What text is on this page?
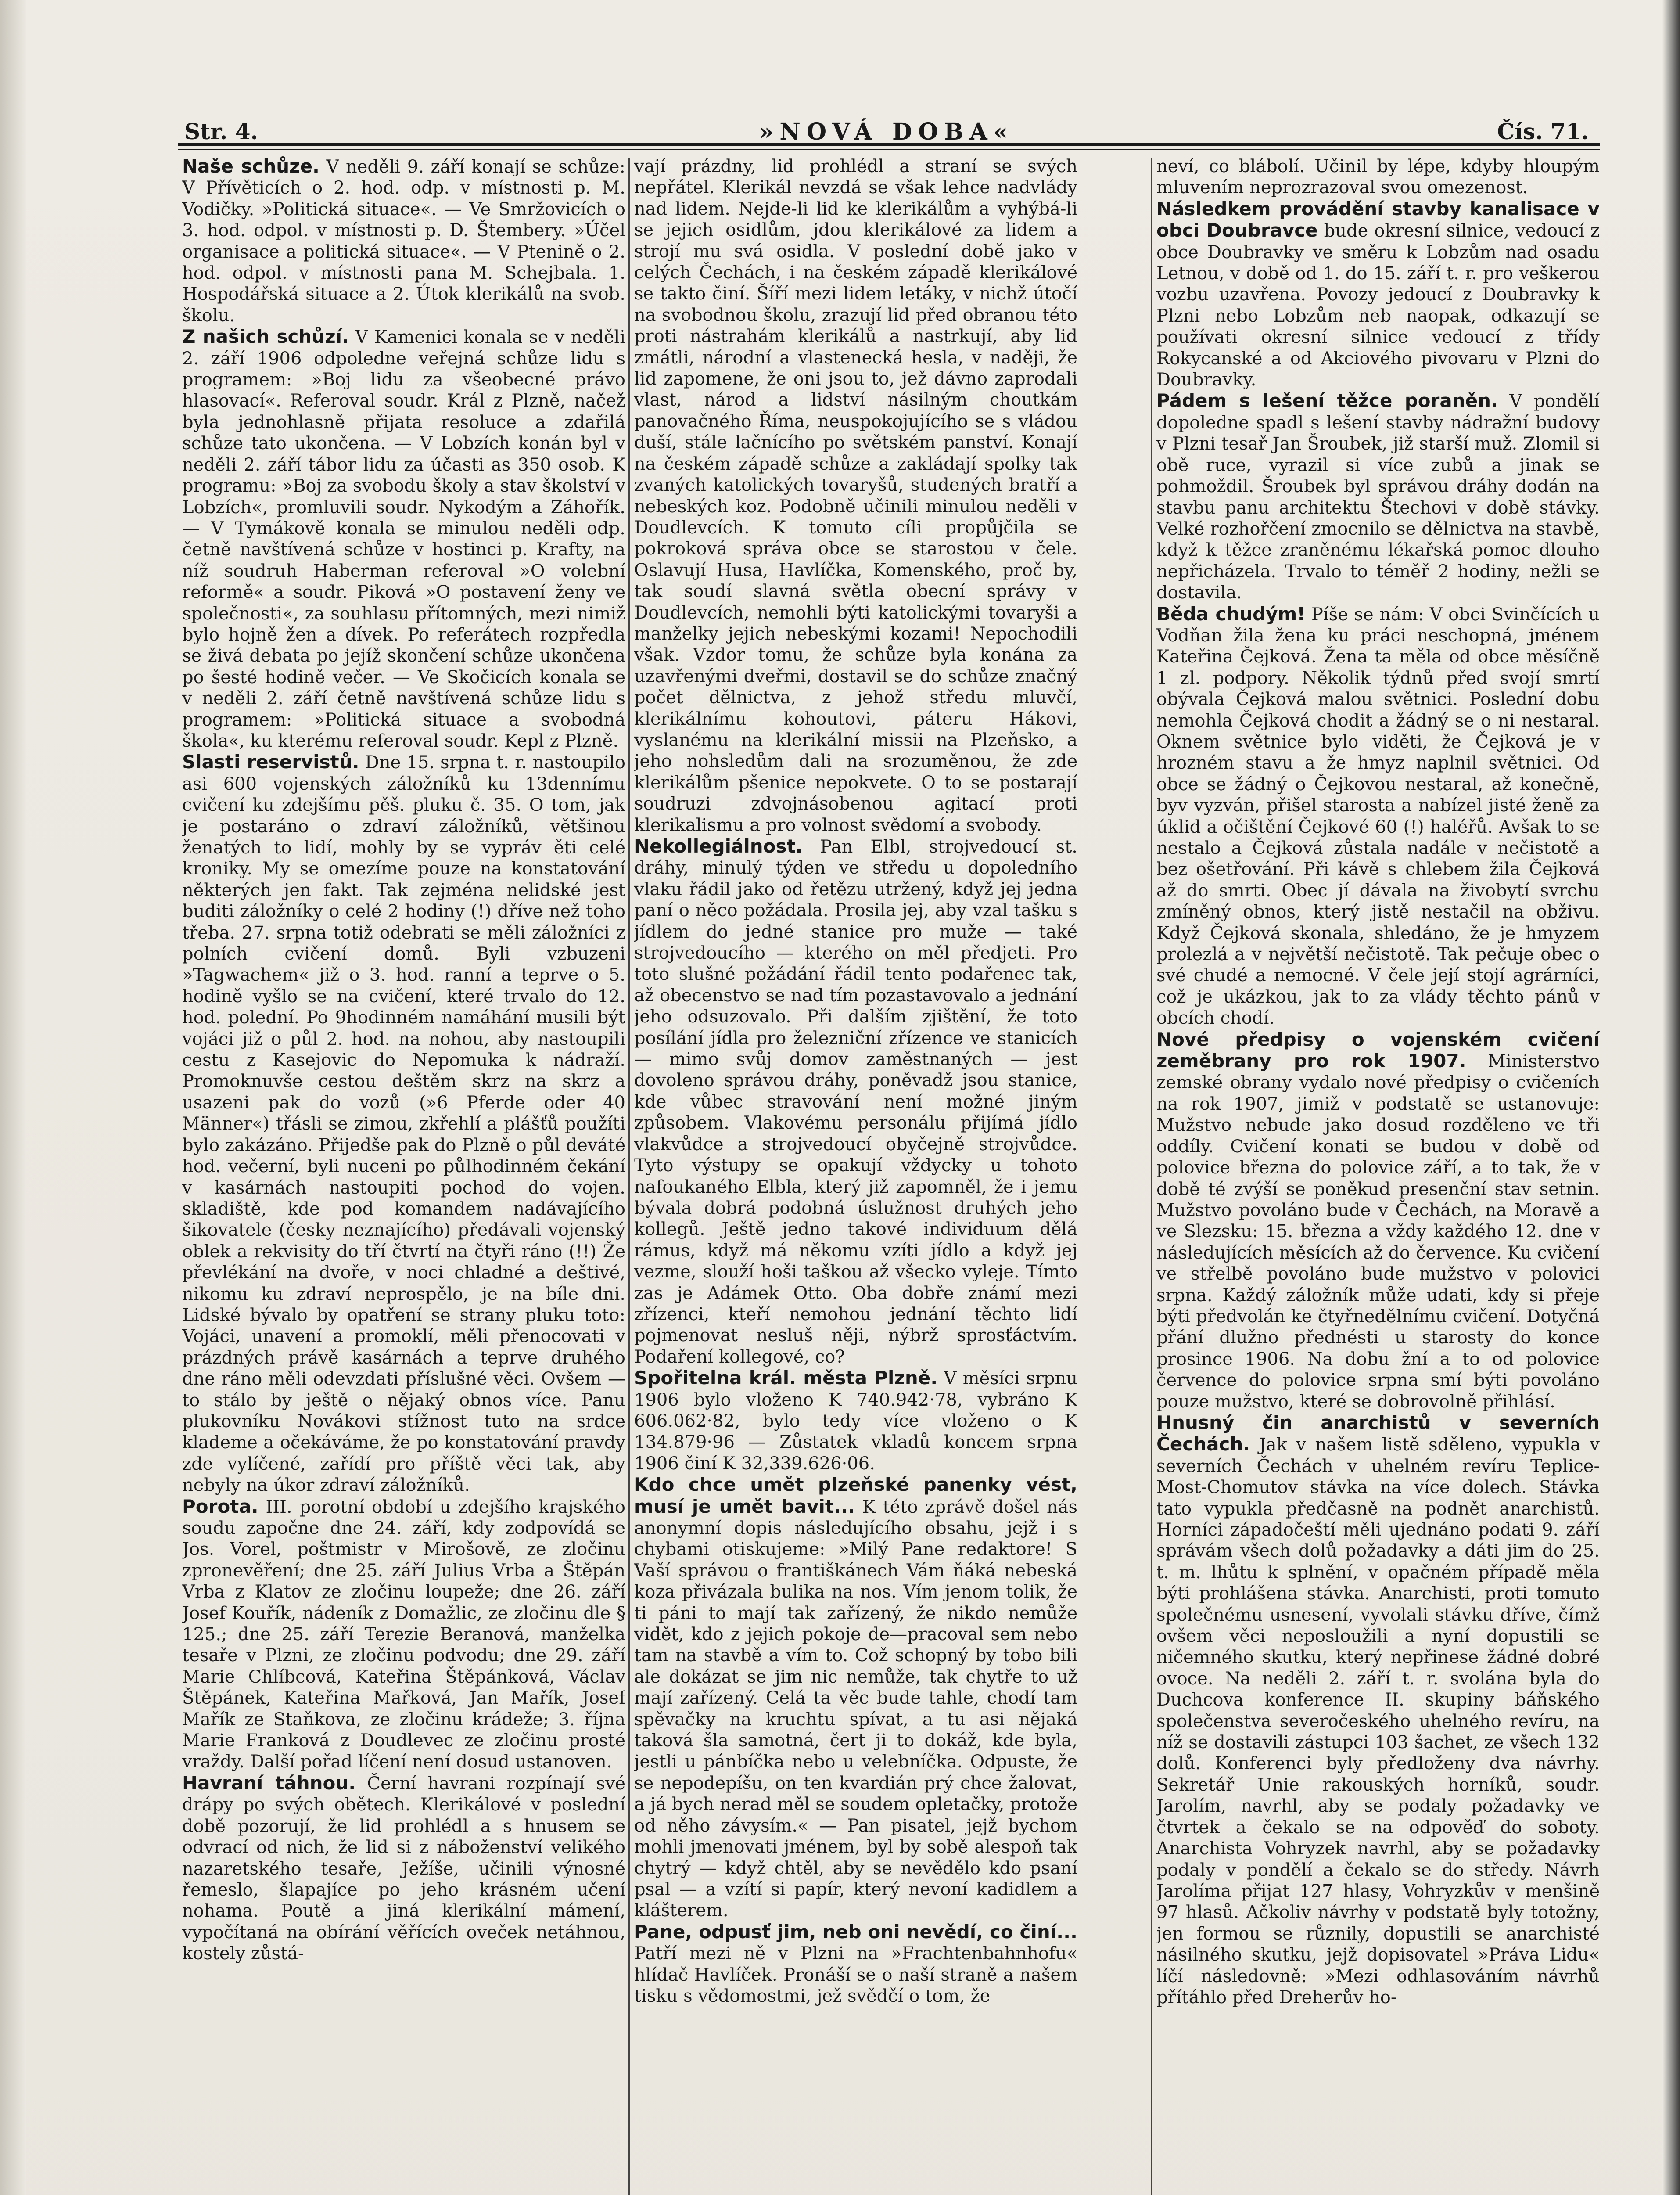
Str. 4.	»NOVÁ DOBA«	Čís. 71.

Naše schůze. V neděli 9. září konají se schůze: V Přívěticích o 2. hod. odp. v místnosti p. M. Vodičky. »Politická situace«. — Ve Smržovicích o 3. hod. odpol. v místnosti p. D. Štembery. »Účel organisace a politická situace«. — V Ptenině o 2. hod. odpol. v místnosti pana M. Schejbala. 1. Hospodářská situace a 2. Útok klerikálů na svob. školu.

Z našich schůzí. V Kamenici konala se v neděli 2. září 1906 odpoledne veřejná schůze lidu s programem: »Boj lidu za všeobecné právo hlasovací«. Referoval soudr. Král z Plzně, načež byla jednohlasně přijata resoluce a zdařilá schůze tato ukončena. — V Lobzích konán byl v neděli 2. září tábor lidu za účasti as 350 osob. K programu: »Boj za svobodu školy a stav školství v Lobzích«, promluvili soudr. Nykodým a Záhořík. — V Tymákově konala se minulou neděli odp. četně navštívená schůze v hostinci p. Krafty, na níž soudruh Haberman referoval »O volební reformě« a soudr. Piková »O postavení ženy ve společnosti«, za souhlasu přítomných, mezi nimiž bylo hojně žen a dívek. Po referátech rozpředla se živá debata po jejíž skončení schůze ukončena po šesté hodině večer. — Ve Skočicích konala se v neděli 2. září četně navštívená schůze lidu s programem: »Politická situace a svobodná škola«, ku kterému referoval soudr. Kepl z Plzně.

Slasti reservistů. Dne 15. srpna t. r. nastoupilo asi 600 vojenských záložníků ku 13dennímu cvičení ku zdejšímu pěš. pluku č. 35. O tom, jak je postaráno o zdraví záložníků, většinou ženatých to lidí, mohly by se vypráv ěti celé kroniky. My se omezíme pouze na konstatování některých jen fakt. Tak zejména nelidské jest buditi záložníky o celé 2 hodiny (!) dříve než toho třeba. 27. srpna totiž odebrati se měli záložníci z polních cvičení domů. Byli vzbuzeni »Tagwachem« již o 3. hod. ranní a teprve o 5. hodině vyšlo se na cvičení, které trvalo do 12. hod. polední. Po 9hodinném namáhání musili být vojáci již o půl 2. hod. na nohou, aby nastoupili cestu z Kasejovic do Nepomuka k nádraží. Promoknuvše cestou deštěm skrz na skrz a usazeni pak do vozů (»6 Pferde oder 40 Männer«) třásli se zimou, zkřehlí a plášťů použíti bylo zakázáno. Přijedše pak do Plzně o půl deváté hod. večerní, byli nuceni po půlhodinném čekání v kasárnách nastoupiti pochod do vojen. skladiště, kde pod komandem nadávajícího šikovatele (česky neznajícího) předávali vojenský oblek a rekvisity do tří čtvrtí na čtyři ráno (!!) Že převlékání na dvoře, v noci chladné a deštivé, nikomu ku zdraví neprospělo, je na bíle dni. Lidské bývalo by opatření se strany pluku toto: Vojáci, unavení a promoklí, měli přenocovati v prázdných právě kasárnách a teprve druhého dne ráno měli odevzdati příslušné věci. Ovšem — to stálo by ještě o nějaký obnos více. Panu plukovníku Novákovi stížnost tuto na srdce klademe a očekáváme, že po konstatování pravdy zde vylíčené, zařídí pro příště věci tak, aby nebyly na úkor zdraví záložníků.

Porota. III. porotní období u zdejšího krajského soudu započne dne 24. září, kdy zodpovídá se Jos. Vorel, poštmistr v Mirošově, ze zločinu zpronevěření; dne 25. září Julius Vrba a Štěpán Vrba z Klatov ze zločinu loupeže; dne 26. září Josef Kouřík, nádeník z Domažlic, ze zločinu dle § 125.; dne 25. září Terezie Beranová, manželka tesaře v Plzni, ze zločinu podvodu; dne 29. září Marie Chlíbcová, Kateřina Štěpánková, Václav Štěpánek, Kateřina Mařková, Jan Mařík, Josef Mařík ze Staňkova, ze zločinu krádeže; 3. října Marie Franková z Doudlevec ze zločinu prosté vraždy. Další pořad líčení není dosud ustanoven.

Havraní táhnou. Černí havrani rozpínají své drápy po svých obětech. Klerikálové v poslední době pozorují, že lid prohlédl a s hnusem se odvrací od nich, že lid si z náboženství velikého nazaretského tesaře, Ježíše, učinili výnosné řemeslo, šlapajíce po jeho krásném učení nohama. Poutě a jiná klerikální mámení, vypočítaná na obírání věřících oveček netáhnou, kostely zůstá-

vají prázdny, lid prohlédl a straní se svých nepřátel. Klerikál nevzdá se však lehce nadvlády nad lidem. Nejde-li lid ke klerikálům a vyhýbá-li se jejich osidlům, jdou klerikálové za lidem a strojí mu svá osidla. V poslední době jako v celých Čechách, i na českém západě klerikálové se takto činí. Šíří mezi lidem letáky, v nichž útočí na svobodnou školu, zrazují lid před obranou této proti nástrahám klerikálů a nastrkují, aby lid zmátli, národní a vlastenecká hesla, v naději, že lid zapomene, že oni jsou to, jež dávno zaprodali vlast, národ a lidství násilným choutkám panovačného Říma, neuspokojujícího se s vládou duší, stále lačnícího po světském panství. Konají na českém západě schůze a zakládají spolky tak zvaných katolických tovaryšů, studených bratří a nebeských koz. Podobně učinili minulou neděli v Doudlevcích. K tomuto cíli propůjčila se pokroková správa obce se starostou v čele. Oslavují Husa, Havlíčka, Komenského, proč by, tak soudí slavná světla obecní správy v Doudlevcích, nemohli býti katolickými tovaryši a manželky jejich nebeskými kozami! Nepochodili však. Vzdor tomu, že schůze byla konána za uzavřenými dveřmi, dostavil se do schůze značný počet dělnictva, z jehož středu mluvčí, klerikálnímu kohoutovi, páteru Hákovi, vyslanému na klerikální missii na Plzeňsko, a jeho nohsledům dali na srozuměnou, že zde klerikálům pšenice nepokvete. O to se postarají soudruzi zdvojnásobenou agitací proti klerikalismu a pro volnost svědomí a svobody.

Nekollegiálnost. Pan Elbl, strojvedoucí st. dráhy, minulý týden ve středu u dopoledního vlaku řádil jako od řetězu utržený, když jej jedna paní o něco požádala. Prosila jej, aby vzal tašku s jídlem do jedné stanice pro muže — také strojvedoucího — kterého on měl předjeti. Pro toto slušné požádání řádil tento podařenec tak, až obecenstvo se nad tím pozastavovalo a jednání jeho odsuzovalo. Při dalším zjištění, že toto posílání jídla pro železniční zřízence ve stanicích — mimo svůj domov zaměstnaných — jest dovoleno správou dráhy, poněvadž jsou stanice, kde vůbec stravování není možné jiným způsobem. Vlakovému personálu přijímá jídlo vlakvůdce a strojvedoucí obyčejně strojvůdce. Tyto výstupy se opakují vždycky u tohoto nafoukaného Elbla, který již zapomněl, že i jemu bývala dobrá podobná úslužnost druhých jeho kollegů. Ještě jedno takové individuum dělá rámus, když má někomu vzíti jídlo a když jej vezme, slouží hoši taškou až všecko vyleje. Tímto zas je Adámek Otto. Oba dobře známí mezi zřízenci, kteří nemohou jednání těchto lidí pojmenovat nesluš něji, nýbrž sprosťáctvím. Podaření kollegové, co?

Spořitelna král. města Plzně. V měsíci srpnu 1906 bylo vloženo K 740.942·78, vybráno K 606.062·82, bylo tedy více vloženo o K 134.879·96 — Zůstatek vkladů koncem srpna 1906 činí K 32,339.626·06.

Kdo chce umět plzeňské panenky vést, musí je umět bavit... K této zprávě došel nás anonymní dopis následujícího obsahu, jejž i s chybami otiskujeme: »Milý Pane redaktore! S Vaší správou o františkánech Vám ňáká nebeská koza přivázala bulika na nos. Vím jenom tolik, že ti páni to mají tak zařízený, že nikdo nemůže vidět, kdo z jejich pokoje de—pracoval sem nebo tam na stavbě a vím to. Což schopný by tobo bili ale dokázat se jim nic nemůže, tak chytře to už mají zařízený. Celá ta věc bude tahle, chodí tam spěvačky na kruchtu spívat, a tu asi nějaká taková šla samotná, čert ji to dokáž, kde byla, jestli u pánbíčka nebo u velebníčka. Odpuste, že se nepodepíšu, on ten kvardián prý chce žalovat, a já bych nerad měl se soudem opletačky, protože od něho závysím.« — Pan pisatel, jejž bychom mohli jmenovati jménem, byl by sobě alespoň tak chytrý — když chtěl, aby se nevědělo kdo psaní psal — a vzítí si papír, který nevoní kadidlem a klášterem.

Pane, odpusť jim, neb oni nevědí, co činí... Patří mezi ně v Plzni na »Frachtenbahnhofu« hlídač Havlíček. Pronáší se o naší straně a našem tisku s vědomostmi, jež svědčí o tom, že

neví, co blábolí. Učinil by lépe, kdyby hloupým mluvením neprozrazoval svou omezenost.

Následkem provádění stavby kanalisace v obci Doubravce bude okresní silnice, vedoucí z obce Doubravky ve směru k Lobzům nad osadu Letnou, v době od 1. do 15. září t. r. pro veškerou vozbu uzavřena. Povozy jedoucí z Doubravky k Plzni nebo Lobzům neb naopak, odkazují se používati okresní silnice vedoucí z třídy Rokycanské a od Akciového pivovaru v Plzni do Doubravky.

Pádem s lešení těžce poraněn. V pondělí dopoledne spadl s lešení stavby nádražní budovy v Plzni tesař Jan Šroubek, již starší muž. Zlomil si obě ruce, vyrazil si více zubů a jinak se pohmoždil. Šroubek byl správou dráhy dodán na stavbu panu architektu Štechovi v době stávky. Velké rozhořčení zmocnilo se dělnictva na stavbě, když k těžce zraněnému lékařská pomoc dlouho nepřicházela. Trvalo to téměř 2 hodiny, nežli se dostavila.

Běda chudým! Píše se nám: V obci Svinčících u Vodňan žila žena ku práci neschopná, jménem Kateřina Čejková. Žena ta měla od obce měsíčně 1 zl. podpory. Několik týdnů před svojí smrtí obývala Čejková malou světnici. Poslední dobu nemohla Čejková chodit a žádný se o ni nestaral. Oknem světnice bylo viděti, že Čejková je v hrozném stavu a že hmyz naplnil světnici. Od obce se žádný o Čejkovou nestaral, až konečně, byv vyzván, přišel starosta a nabízel jisté ženě za úklid a očištění Čejkové 60 (!) haléřů. Avšak to se nestalo a Čejková zůstala nadále v nečistotě a bez ošetřování. Při kávě s chlebem žila Čejková až do smrti. Obec jí dávala na živobytí svrchu zmíněný obnos, který jistě nestačil na obživu. Když Čejková skonala, shledáno, že je hmyzem prolezlá a v největší nečistotě. Tak pečuje obec o své chudé a nemocné. V čele její stojí agrárníci, což je ukázkou, jak to za vlády těchto pánů v obcích chodí.

Nové předpisy o vojenském cvičení zeměbrany pro rok 1907. Ministerstvo zemské obrany vydalo nové předpisy o cvičeních na rok 1907, jimiž v podstatě se ustanovuje: Mužstvo nebude jako dosud rozděleno ve tři oddíly. Cvičení konati se budou v době od polovice března do polovice září, a to tak, že v době té zvýší se poněkud presenční stav setnin. Mužstvo povoláno bude v Čechách, na Moravě a ve Slezsku: 15. března a vždy každého 12. dne v následujících měsících až do července. Ku cvičení ve střelbě povoláno bude mužstvo v polovici srpna. Každý záložník může udati, kdy si přeje býti předvolán ke čtyřnedělnímu cvičení. Dotyčná přání dlužno přednésti u starosty do konce prosince 1906. Na dobu žní a to od polovice července do polovice srpna smí býti povoláno pouze mužstvo, které se dobrovolně přihlásí.

Hnusný čin anarchistů v severních Čechách. Jak v našem listě sděleno, vypukla v severních Čechách v uhelném revíru Teplice-Most-Chomutov stávka na více dolech. Stávka tato vypukla předčasně na podnět anarchistů. Horníci západočeští měli ujednáno podati 9. září správám všech dolů požadavky a dáti jim do 25. t. m. lhůtu k splnění, v opačném případě měla býti prohlášena stávka. Anarchisti, proti tomuto společnému usnesení, vyvolali stávku dříve, čímž ovšem věci neposloužili a nyní dopustili se ničemného skutku, který nepřinese žádné dobré ovoce. Na neděli 2. září t. r. svolána byla do Duchcova konference II. skupiny báňského společenstva severočeského uhelného revíru, na níž se dostavili zástupci 103 šachet, ze všech 132 dolů. Konferenci byly předloženy dva návrhy. Sekretář Unie rakouských horníků, soudr. Jarolím, navrhl, aby se podaly požadavky ve čtvrtek a čekalo se na odpověď do soboty. Anarchista Vohryzek navrhl, aby se požadavky podaly v pondělí a čekalo se do středy. Návrh Jarolíma přijat 127 hlasy, Vohryzkův v menšině 97 hlasů. Ačkoliv návrhy v podstatě byly totožny, jen formou se různily, dopustili se anarchisté násilného skutku, jejž dopisovatel »Práva Lidu« líčí následovně: »Mezi odhlasováním návrhů přítáhlo před Dreherův ho-
